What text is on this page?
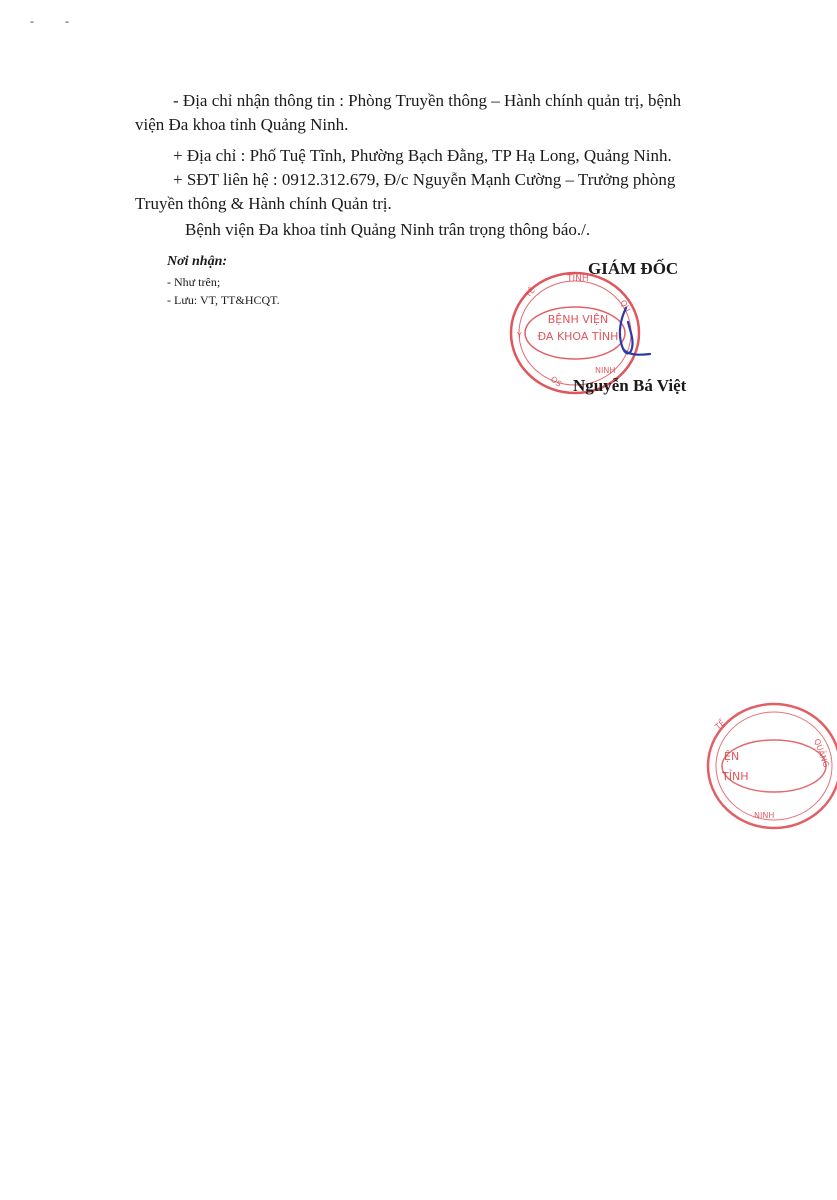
- -
- Địa chỉ nhận thông tin : Phòng Truyền thông – Hành chính quản trị, bệnh
viện Đa khoa tỉnh Quảng Ninh.
+ Địa chỉ : Phố Tuệ Tĩnh, Phường Bạch Đằng, TP Hạ Long, Quảng Ninh.
+ SĐT liên hệ : 0912.312.679, Đ/c Nguyễn Mạnh Cường – Trưởng phòng
Truyền thông & Hành chính Quản trị.
Bệnh viện Đa khoa tỉnh Quảng Ninh trân trọng thông báo./.
Nơi nhận:
- Như trên;
- Lưu: VT, TT&HCQT.
TỈNH
TẾ
QU
OS
NINH
Y
BỆNH VIỆN
ĐA KHOA TỈNH
GIÁM ĐỐC
Nguyễn Bá Việt
ỆN
TỈNH
QUẢNG
NINH
TẾ
